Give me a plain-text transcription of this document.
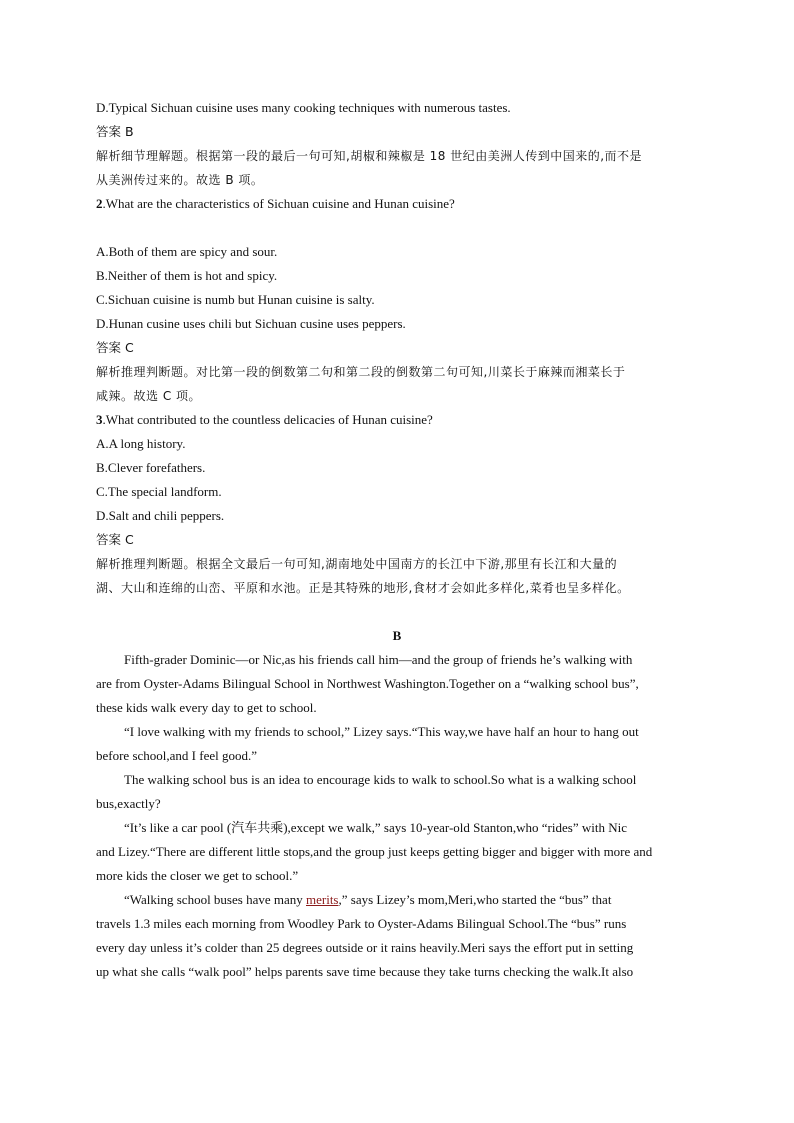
D.Typical Sichuan cuisine uses many cooking techniques with numerous tastes.
答案 B
解析细节理解题。根据第一段的最后一句可知,胡椒和辣椒是 18 世纪由美洲人传到中国来的,而不是
从美洲传过来的。故选 B 项。
2.What are the characteristics of Sichuan cuisine and Hunan cuisine?
A.Both of them are spicy and sour.
B.Neither of them is hot and spicy.
C.Sichuan cuisine is numb but Hunan cuisine is salty.
D.Hunan cusine uses chili but Sichuan cusine uses peppers.
答案 C
解析推理判断题。对比第一段的倒数第二句和第二段的倒数第二句可知,川菜长于麻辣而湘菜长于
咸辣。故选 C 项。
3.What contributed to the countless delicacies of Hunan cuisine?
A.A long history.
B.Clever forefathers.
C.The special landform.
D.Salt and chili peppers.
答案 C
解析推理判断题。根据全文最后一句可知,湖南地处中国南方的长江中下游,那里有长江和大量的
湖、大山和连绵的山峦、平原和水池。正是其特殊的地形,食材才会如此多样化,菜肴也呈多样化。
B
Fifth-grader Dominic—or Nic,as his friends call him—and the group of friends he’s walking with
are from Oyster-Adams Bilingual School in Northwest Washington.Together on a “walking school bus”,
these kids walk every day to get to school.
“I love walking with my friends to school,” Lizey says.“This way,we have half an hour to hang out
before school,and I feel good.”
The walking school bus is an idea to encourage kids to walk to school.So what is a walking school
bus,exactly?
“It’s like a car pool (汽车共乘),except we walk,” says 10-year-old Stanton,who “rides” with Nic
and Lizey.“There are different little stops,and the group just keeps getting bigger and bigger with more and
more kids the closer we get to school.”
“Walking school buses have many merits,” says Lizey’s mom,Meri,who started the “bus” that
travels 1.3 miles each morning from Woodley Park to Oyster-Adams Bilingual School.The “bus” runs
every day unless it’s colder than 25 degrees outside or it rains heavily.Meri says the effort put in setting
up what she calls “walk pool” helps parents save time because they take turns checking the walk.It also
